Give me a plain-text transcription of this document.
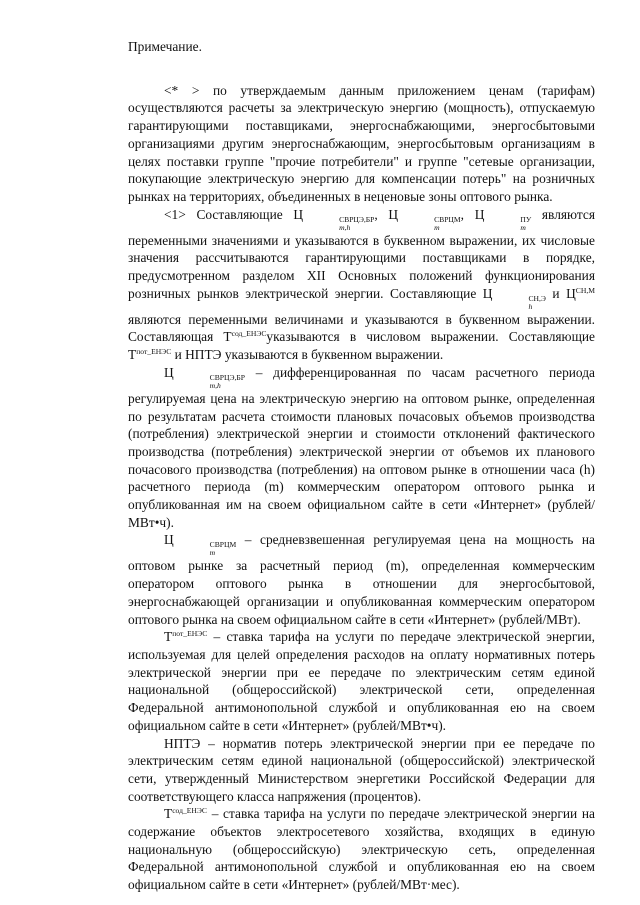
Примечание.

<* > по утверждаемым данным приложением ценам (тарифам) осуществляются расчеты за электрическую энергию (мощность), отпускаемую гарантирующими поставщиками, энергоснабжающими, энергосбытовыми организациями другим энергоснабжающим, энергосбытовым организациям в целях поставки группе "прочие потребители" и группе "сетевые организации, покупающие электрическую энергию для компенсации потерь" на розничных рынках на территориях, объединенных в неценовые зоны оптового рынка.

<1> Составляющие Ц	СВРЦЭ,БР
m,h
, Ц	СВРЦМ
m
, Ц	ПУ
m
являются переменными значениями и указываются в буквенном выражении, их числовые значения рассчитываются гарантирующими поставщиками в порядке, предусмотренном разделом XII Основных положений функционирования розничных рынков электрической энергии. Составляющие Ц	СН,Э
h
и $Ц^{СН,М}$ являются переменными величинами и указываются в буквенном выражении. Составляющая $Т^{сод\_ЕНЭС}указываются$ в числовом выражении. Составляющие $Т^{пот\_ЕНЭС}$ и НПТЭ указываются в буквенном выражении.

Ц	СВРЦЭ,БР
m,h
– дифференцированная по часам расчетного периода регулируемая цена на электрическую энергию на оптовом рынке, определенная по результатам расчета стоимости плановых почасовых объемов производства (потребления) электрической энергии и стоимости отклонений фактического производства (потребления) электрической энергии от объемов их планового почасового производства (потребления) на оптовом рынке в отношении часа (h) расчетного периода (m) коммерческим оператором оптового рынка и опубликованная им на своем официальном сайте в сети «Интернет» (рублей/МВт•ч).

Ц	СВРЦМ
m
– средневзвешенная регулируемая цена на мощность на оптовом рынке за расчетный период (m), определенная коммерческим оператором оптового рынка в отношении для энергосбытовой, энергоснабжающей организации и опубликованная коммерческим оператором оптового рынка на своем официальном сайте в сети «Интернет» (рублей/МВт).

$Т^{пот\_ЕНЭС}$ – ставка тарифа на услуги по передаче электрической энергии, используемая для целей определения расходов на оплату нормативных потерь электрической энергии при ее передаче по электрическим сетям единой национальной (общероссийской) электрической сети, определенная Федеральной антимонопольной службой и опубликованная ею на своем официальном сайте в сети «Интернет» (рублей/МВт•ч).

НПТЭ – норматив потерь электрической энергии при ее передаче по электрическим сетям единой национальной (общероссийской) электрической сети, утвержденный Министерством энергетики Российской Федерации для соответствующего класса напряжения (процентов).

$Т^{сод\_ЕНЭС}$ – ставка тарифа на услуги по передаче электрической энергии на содержание объектов электросетевого хозяйства, входящих в единую национальную (общероссийскую) электрическую сеть, определенная Федеральной антимонопольной службой и опубликованная ею на своем официальном сайте в сети «Интернет» (рублей/МВт·мес).
